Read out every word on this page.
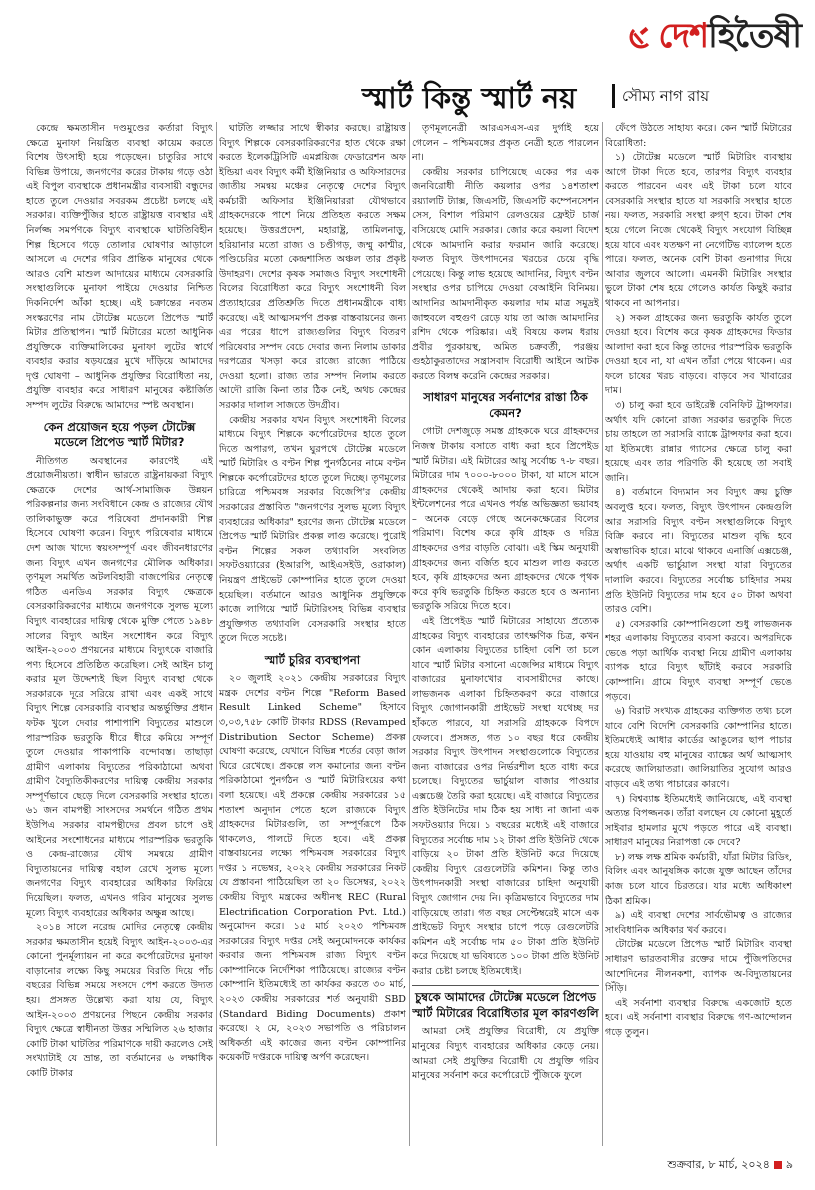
দেশহিতৈষী
স্মার্ট কিন্তু স্মার্ট নয়	সৌম্য নাগ রায়
কেন্দ্রে ক্ষমতাসীন দণ্ডমুণ্ডের কর্তারা বিদ্যুৎ ক্ষেত্রে মুনাফা নিয়ন্ত্রিত ব্যবস্থা কায়েম করতে বিশেষ উৎসাহী হয়ে পড়েছেন। চাতুরির সাথে বিভিন্ন উপায়ে, জনগণের করের টাকায় গড়ে ওঠা এই বিপুল ব্যবস্থাকে প্রধানমন্ত্রীর ব্যবসায়ী বন্ধুদের হাতে তুলে দেওয়ার সবরকম প্রচেষ্টা চলছে এই সরকার। ব্যক্তিপুঁজির হাতে রাষ্ট্রায়ত্ত ব্যবস্থার এই নির্লজ্জ সমর্পণকে বিদ্যুৎ ব্যবস্থাকে ঘাটতিবিহীন শিল্প হিসেবে গড়ে তোলার ঘোষণার আড়ালে আসলে এ দেশের গরিব প্রান্তিক মানুষের থেকে আরও বেশি মাশুল আদায়ের মাধ্যমে বেসরকারি সংস্থাগুলিকে মুনাফা পাইয়ে দেওয়ার নিশ্চিত দিকনির্দেশ আঁকা হচ্ছে। এই চক্রান্তের নবতম সংস্করণের নাম টোটেক্স মডেলে প্রিপেড স্মার্ট মিটার প্রতিস্থাপন। স্মার্ট মিটারের মতো আধুনিক প্রযুক্তিকে ব্যক্তিমালিকের মুনাফা লুটের স্বার্থে ব্যবহার করার ষড়যন্ত্রের মুখে দাঁড়িয়ে আমাদের দৃপ্ত ঘোষণা – আধুনিক প্রযুক্তির বিরোধিতা নয়, প্রযুক্তি ব্যবহার করে সাধারণ মানুষের কষ্টার্জিত সম্পদ লুটের বিরুদ্ধে আমাদের স্পষ্ট অবস্থান।
কেন প্রয়োজন হয়ে পড়ল টোটেক্স মডেলে প্রিপেড স্মার্ট মিটার?
নীতিগত অবস্থানের কারণেই এই প্রয়োজনীয়তা। স্বাধীন ভারতে রাষ্ট্রনায়করা বিদ্যুৎ ক্ষেত্রকে দেশের আর্থ-সামাজিক উন্নয়ন পরিকল্পনার জন্য সংবিধানে কেন্দ্র ও রাজ্যের যৌথ তালিকাভুক্ত করে পরিষেবা প্রদানকারী শিল্প হিসেবে ঘোষণা করেন। বিদ্যুৎ পরিষেবার মাধ্যমে দেশ আজ খাদ্যে স্বয়ংসম্পূর্ণ এবং জীবনধারণের জন্য বিদ্যুৎ এখন জনগণের মৌলিক অধিকার। তৃণমূল সমর্থিত অটলবিহারী বাজপেয়ির নেতৃত্বে গঠিত এনডিএ সরকার বিদ্যুৎ ক্ষেত্রকে বেসরকারিকরণের মাধ্যমে জনগণকে সুলভ মূল্যে বিদ্যুৎ ব্যবহারের দায়িত্ব থেকে মুক্তি পেতে ১৯৪৮ সালের বিদ্যুৎ আইন সংশোধন করে বিদ্যুৎ আইন-২০০৩ প্রণয়নের মাধ্যমে বিদ্যুৎকে বাজারি পণ্য হিসেবে প্রতিষ্ঠিত করেছিল। সেই আইন চালু করার মূল উদ্দেশ্যই ছিল বিদ্যুৎ ব্যবস্থা থেকে সরকারকে দূরে সরিয়ে রাখা এবং একই সাথে বিদ্যুৎ শিল্পে বেসরকারি ব্যবস্থার অন্তর্ভুক্তির প্রধান ফটক খুলে দেবার পাশাপাশি বিদ্যুতের মাশুলে পারস্পরিক ভরতুকি ধীরে ধীরে কমিয়ে সম্পূর্ণ তুলে দেওয়ার পাকাপাকি বন্দোবস্ত। তাছাড়া গ্রামীণ এলাকায় বিদ্যুতের পরিকাঠামো অথবা গ্রামীণ বৈদ্যুতিকীকরণের দায়িত্ব কেন্দ্রীয় সরকার সম্পূর্ণভাবে ছেড়ে দিলে বেসরকারি সংস্থার হাতে। ৬১ জন বামপন্থী সাংসদের সমর্থনে গঠিত প্রথম ইউপিএ সরকার বামপন্থীদের প্রবল চাপে ওই আইনের সংশোধনের মাধ্যমে পারস্পরিক ভরতুকি ও কেন্দ্র-রাজ্যের যৌথ সমন্বয়ে গ্রামীণ বিদ্যুতায়নের দায়িত্ব বহাল রেখে সুলভ মূল্যে জনগণের বিদ্যুৎ ব্যবহারের অধিকার ফিরিয়ে দিয়েছিল। ফলত, এখনও গরিব মানুষের সুলভ মূল্যে বিদ্যুৎ ব্যবহারের অধিকার অক্ষুন্ন আছে।
২০১৪ সালে নরেন্দ্র মোদির নেতৃত্বে কেন্দ্রীয় সরকার ক্ষমতাসীন হয়েই বিদ্যুৎ আইন-২০০৩-এর কোনো পুনর্মূল্যায়ন না করে কর্পোরেটদের মুনাফা বাড়ানোর লক্ষ্যে কিছু সময়ের বিরতি দিয়ে পাঁচ বছরের বিভিন্ন সময়ে সংসদে পেশ করতে উদ্যত হয়। প্রসঙ্গত উল্লেখ্য করা যায় যে, বিদ্যুৎ আইন-২০০৩ প্রণয়নের পিছনে কেন্দ্রীয় সরকার বিদ্যুৎ ক্ষেত্রে স্বাধীনতা উত্তর সম্মিলিত ২৬ হাজার কোটি টাকা ঘাটতির পরিমাণকে দায়ী করলেও সেই সংখ্যাটাই যে ভ্রান্ত, তা বর্তমানের ৬ লক্ষাধিক কোটি টাকার
ঘাটতি লজ্জার সাথে স্বীকার করছে। রাষ্ট্রায়ত্ত বিদ্যুৎ শিল্পকে বেসরকারিকরণের হাত থেকে রক্ষা করতে ইলেকট্রিসিটি এমপ্লয়িজ ফেডারেশন অফ ইন্ডিয়া এবং বিদ্যুৎ কর্মী ইঞ্জিনিয়ার ও অফিসারদের জাতীয় সমন্বয় মঞ্চের নেতৃত্বে দেশের বিদ্যুৎ কর্মচারী অফিসার ইঞ্জিনিয়াররা যৌথভাবে গ্রাহকদেরকে পাশে নিয়ে প্রতিহত করতে সক্ষম হয়েছে। উত্তরপ্রদেশ, মহারাষ্ট্র, তামিলনাড়ু, হরিয়ানার মতো রাজ্য ও চণ্ডীগড়, জম্মু কাশ্মীর, পণ্ডিচেরির মতো কেন্দ্রশাসিত অঞ্চল তার প্রকৃষ্ট উদাহরণ। দেশের কৃষক সমাজও বিদ্যুৎ সংশোধনী বিলের বিরোধিতা করে বিদ্যুৎ সংশোধনী বিল প্রত্যাহারের প্রতিশ্রুতি দিতে প্রধানমন্ত্রীকে বাধ্য করেছে। এই আত্মসমর্পণ প্রকল্প বাস্তবায়নের জন্য এর পরের ধাপে রাজ্যগুলির বিদ্যুৎ বিতরণ পরিষেবার সম্পদ বেচে দেবার জন্য নিলাম ডাকার দরপত্রের খসড়া করে রাজ্যে রাজ্যে পাঠিয়ে দেওয়া হলো। রাজ্য তার সম্পদ নিলাম করতে আদৌ রাজি কিনা তার ঠিক নেই, অথচ কেন্দ্রের সরকার দালাল সাজতে উদগ্রীব।
কেন্দ্রীয় সরকার যখন বিদ্যুৎ সংশোধনী বিলের মাধ্যমে বিদ্যুৎ শিল্পকে কর্পোরেটদের হাতে তুলে দিতে অপারগ, তখন ঘুরপথে টোটেক্স মডেলে স্মার্ট মিটারিং ও বণ্টন শিল্প পুনর্গঠনের নামে বণ্টন শিল্পকে কর্পোরেটদের হাতে তুলে দিচ্ছে। তৃণমূলের চারিত্রে পশ্চিমবঙ্গ সরকার বিজেপি'র কেন্দ্রীয় সরকারের প্রস্তাবিত "জনগণের সুলভ মূল্যে বিদ্যুৎ ব্যবহারের অধিকার" হরণের জন্য টোটেক্স মডেলে প্রিপেড স্মার্ট মিটারিং প্রকল্প লাগু করেছে। পুরোই বণ্টন শিল্পের সকল তথ্যাবলি সংবলিত সফটওয়্যারের (ইআরপি, আইএসইউ, ওরাকাল) নিয়ন্ত্রণ প্রাইভেট কোম্পানির হাতে তুলে দেওয়া হয়েছিল। বর্তমানে আরও আধুনিক প্রযুক্তিকে কাজে লাগিয়ে স্মার্ট মিটারিংসহ বিভিন্ন ব্যবস্থার প্রযুক্তিগত তথ্যাবলি বেসরকারি সংস্থার হাতে তুলে দিতে সচেষ্ট।
স্মার্ট চুরির ব্যবস্থাপনা
২০ জুলাই ২০২১ কেন্দ্রীয় সরকারের বিদ্যুৎ মন্ত্রক দেশের বণ্টন শিল্পে "Reform Based Result Linked Scheme" হিসাবে ৩,০৩,৭৫৮ কোটি টাকার RDSS (Revamped Distribution Sector Scheme) প্রকল্প ঘোষণা করেছে, যেখানে বিভিন্ন শর্তের বেড়া জাল ঘিরে রেখেছে। প্রকল্পে লস কমানোর জন্য বণ্টন পরিকাঠামো পুনর্গঠন ও স্মার্ট মিটারিংয়ের কথা বলা হয়েছে। এই প্রকল্পে কেন্দ্রীয় সরকারের ১৫ শতাংশ অনুদান পেতে হলে রাজ্যকে বিদ্যুৎ গ্রাহকদের মিটারগুলি, তা সম্পূর্ণরূপে ঠিক থাকলেও, পালটে দিতে হবে। এই প্রকল্প বাস্তবায়নের লক্ষ্যে পশ্চিমবঙ্গ সরকারের বিদ্যুৎ দপ্তর ১ নভেম্বর, ২০২২ কেন্দ্রীয় সরকারের নিকট যে প্রস্তাবনা পাঠিয়েছিল তা ২০ ডিসেম্বর, ২০২২ কেন্দ্রীয় বিদ্যুৎ মন্ত্রকের অধীনস্থ REC (Rural Electrification Corporation Pvt. Ltd.) অনুমোদন করে। ১৫ মার্চ ২০২৩ পশ্চিমবঙ্গ সরকারের বিদ্যুৎ দপ্তর সেই অনুমোদনকে কার্যকর করবার জন্য পশ্চিমবঙ্গ রাজ্য বিদ্যুৎ বণ্টন কোম্পানিকে নির্দেশিকা পাঠিয়েছে। রাজ্যের বণ্টন কোম্পানি ইতিমধ্যেই তা কার্যকর করতে ৩০ মার্চ, ২০২৩ কেন্দ্রীয় সরকারের শর্ত অনুযায়ী SBD (Standard Biding Documents) প্রকাশ করেছে। ২ মে, ২০২৩ সভাপতি ও পরিচালন অধিকর্তা এই কাজের জন্য বণ্টন কোম্পানির কয়েকটি দপ্তরকে দায়িত্ব অর্পণ করেছেন।
তৃণমূলনেত্রী আরএসএস-এর দুর্গাই হয়ে গেলেন – পশ্চিমবঙ্গের প্রকৃত নেত্রী হতে পারলেন না।
কেন্দ্রীয় সরকার চাপিয়েছে একের পর এক জনবিরোধী নীতি কয়লার ওপর ১৪শতাংশ রয়্যালটি ট্যাক্স, জিএসটি, জিএসটি কম্পেনসেশন সেস, বিশাল পরিমাণ রেলওয়ের ফ্রেইট চার্জ বসিয়েছে মোদি সরকার। জোর করে কয়লা বিদেশ থেকে আমদানি করার ফরমান জারি করেছে। ফলত বিদ্যুৎ উৎপাদনের খরচের চেয়ে বৃদ্ধি পেয়েছে। কিন্তু লাভ হয়েছে আদানির, বিদ্যুৎ বণ্টন সংস্থার ওপর চাপিয়ে দেওয়া বেআইনি বিনিময়। আদানির আমদানীকৃত কয়লার দাম মাত্র সমুদ্রই জাহুবলে বহুগুণ রেড়ে যায় তা আজ আমদানির রশিদ থেকে পরিষ্কার। এই বিষয়ে কলম ধরায় প্রবীর পুরকায়স্থ, অমিত চক্রবর্তী, পরঞ্জয় গুহঠাকুরতাদের সন্ত্রাসবাদ বিরোধী আইনে আটক করতে বিলম্ব করেনি কেন্দ্রের সরকার।
সাধারণ মানুষের সর্বনাশের রাস্তা ঠিক কেমন?
গোটা দেশজুড়ে সমস্ত গ্রাহককে ঘরে গ্রাহকদের নিজস্ব টাকায় বসাতে বাধ্য করা হবে প্রিপেইড স্মার্ট মিটার। এই মিটারের আয়ু সর্বোচ্চ ৭-৮ বছর। মিটারের দাম ৭০০০-৮০০০ টাকা, যা মাসে মাসে গ্রাহকদের থেকেই আদায় করা হবে। মিটার ইন্টলেশনের পরে এখনও পর্যন্ত অভিজ্ঞতা ভয়াবহ – অনেক বেড়ে গেছে অনেকক্ষেত্রের বিলের পরিমাণ। বিশেষ করে কৃষি গ্রাহক ও দরিদ্র গ্রাহকদের ওপর বাড়তি বোঝা। এই স্কিম অনুযায়ী গ্রাহকদের জন্য বর্জিত হবে মাশুল লাগু করতে হবে, কৃষি গ্রাহকদের অন্য গ্রাহকদের থেকে পৃথক করে কৃষি ভরতুকি চিহ্নিত করতে হবে ও অন্যান্য ভরতুকি সরিয়ে দিতে হবে।
এই প্রিপেইড স্মার্ট মিটারের সাহায্যে প্রত্যেক গ্রাহকের বিদ্যুৎ ব্যবহারের তাৎক্ষণিক চিত্র, কখন কোন এলাকায় বিদ্যুতের চাহিদা বেশি তা চলে যাবে স্মার্ট মিটার বসানো এজেন্সির মাধ্যমে বিদ্যুৎ বাজারের মুনাফাখোর ব্যবসায়ীদের কাছে। লাভজনক এলাকা চিহ্নিতকরণ করে বাজারে বিদ্যুৎ জোগানকারী প্রাইভেট সংস্থা যথেচ্ছ দর হাঁকতে পারবে, যা সরাসরি গ্রাহককে বিপদে ফেলবে। প্রসঙ্গত, গত ১০ বছর ধরে কেন্দ্রীয় সরকার বিদ্যুৎ উৎপাদন সংস্থাগুলোকে বিদ্যুতের জন্য বাজারের ওপর নির্ভরশীল হতে বাধ্য করে চলেছে। বিদ্যুতের ভার্চুয়াল বাজার পাওয়ার এক্সচেঞ্জ তৈরি করা হয়েছে। এই বাজারে বিদ্যুতের প্রতি ইউনিটের দাম ঠিক হয় সাধ্য না জানা এক সফটওয়্যার দিয়ে। ১ বছরের মধ্যেই এই বাজারে বিদ্যুতের সর্বোচ্চ দাম ১২ টাকা প্রতি ইউনিট থেকে বাড়িয়ে ২০ টাকা প্রতি ইউনিট করে দিয়েছে কেন্দ্রীয় বিদ্যুৎ রেগুলেটরি কমিশন। কিন্তু তাও উৎপাদনকারী সংস্থা বাজারের চাহিদা অনুযায়ী বিদ্যুৎ জোগান দেয় নি। কৃত্রিমভাবে বিদ্যুতের দাম বাড়িয়েছে তারা। গত বছর সেপ্টেম্বরেই মাসে এক প্রাইভেট বিদ্যুৎ সংস্থার চাপে পড়ে রেগুলেটরি কমিশন এই সর্বোচ্চ দাম ৫০ টাকা প্রতি ইউনিট করে দিয়েছে যা ভবিষ্যতে ১০০ টাকা প্রতি ইউনিট করার চেষ্টা চলছে ইতিমধ্যেই।
চুম্বকে আমাদের টোটেক্স মডেলে প্রিপেড স্মার্ট মিটারের বিরোধিতার মূল কারণগুলি
আমরা সেই প্রযুক্তির বিরোধী, যে প্রযুক্তি মানুষের বিদ্যুৎ ব্যবহারের অধিকার কেড়ে নেয়। আমরা সেই প্রযুক্তির বিরোধী যে প্রযুক্তি গরিব মানুষের সর্বনাশ করে কর্পোরেটে পুঁজিকে ফুলে
ফেঁপে উঠতে সাহায্য করে। কেন স্মার্ট মিটারের বিরোধিতা:
১) টোটেক্স মডেলে স্মার্ট মিটারিং ব্যবস্থায় আগে টাকা দিতে হবে, তারপর বিদ্যুৎ ব্যবহার করতে পারবেন এবং এই টাকা চলে যাবে বেসরকারি সংস্থার হাতে যা সরকারি সংস্থার হাতে নয়। ফলত, সরকারি সংস্থা রুগ্ণ হবে। টাকা শেষ হয়ে গেলে নিজে থেকেই বিদ্যুৎ সংযোগ বিচ্ছিন্ন হয়ে যাবে এবং যতক্ষণ না নেগেটিভ ব্যালেন্স হতে পারে। ফলত, অনেক বেশি টাকা গুনাগার দিয়ে আবার জুলবে আলো। এমনকী মিটারিং সংস্থার ভুলে টাকা শেষ হয়ে গেলেও কার্যত কিছুই করার থাকবে না আপনার।
২) সকল গ্রাহকের জন্য ভরতুকি কার্যত তুলে দেওয়া হবে। বিশেষ করে কৃষক গ্রাহকদের ফিডার আলাদা করা হবে কিন্তু তাদের পারস্পরিক ভরতুকি দেওয়া হবে না, যা এখন তাঁরা পেয়ে থাকেন। এর ফলে চাষের খরচ বাড়বে। বাড়বে সব খাবারের দাম।
৩) চালু করা হবে ডাইরেক্ট বেনিফিট ট্রান্সফার। অর্থাৎ যদি কোনো রাজ্য সরকার ভরতুকি দিতে চায় তাহলে তা সরাসরি ব্যাঙ্কে ট্রান্সফার করা হবে। যা ইতিমধ্যে রান্নার গ্যাসের ক্ষেত্রে চালু করা হয়েছে এবং তার পরিণতি কী হয়েছে তা সবাই জানি।
৪) বর্তমানে বিদ্যমান সব বিদ্যুৎ ক্রয় চুক্তি অবলুপ্ত হবে। ফলত, বিদ্যুৎ উৎপাদন কেন্দ্রগুলি আর সরাসরি বিদ্যুৎ বণ্টন সংস্থাগুলিকে বিদ্যুৎ বিক্রি করবে না। বিদ্যুতের মাশুল বৃদ্ধি হবে অস্বাভাবিক হারে। মাঝে থাকবে এনার্জি এক্সচেঞ্জ, অর্থাৎ একটি ভার্চুয়াল সংস্থা যারা বিদ্যুতের দালালি করবে। বিদ্যুতের সর্বোচ্চ চাহিদার সময় প্রতি ইউনিট বিদ্যুতের দাম হবে ৫০ টাকা অথবা তারও বেশি।
৫) বেসরকারি কোম্পানিগুলো শুধু লাভজনক শহর এলাকায় বিদ্যুতের ব্যবসা করবে। অপরদিকে ভেঙে পড়া আর্থিক ব্যবস্থা নিয়ে গ্রামীণ এলাকায় ব্যাপক হারে বিদ্যুৎ ছাঁটাই করবে সরকারি কোম্পানি। গ্রামে বিদ্যুৎ ব্যবস্থা সম্পূর্ণ ভেঙে পড়বে।
৬) বিরাট সংখ্যক গ্রাহকের ব্যক্তিগত তথ্য চলে যাবে বেশি বিদেশি বেসরকারি কোম্পানির হাতে। ইতিমধ্যেই আধার কার্ডের আঙুলের ছাপ পাচার হয়ে যাওয়ায় বহু মানুষের ব্যাঙ্কের অর্থ আত্মসাৎ করেছে জালিয়াতরা। জালিয়াতির সুযোগ আরও বাড়বে এই তথ্য পাচারের কারণে।
৭) বিশ্বব্যাঙ্ক ইতিমধ্যেই জানিয়েছে, এই ব্যবস্থা অত্যন্ত বিপজ্জনক। তাঁরা বলছেন যে কোনো মুহূর্তে সাইবার হামলার মুখে পড়তে পারে এই ব্যবস্থা। সাধারণ মানুষের নিরাপত্তা কে দেবে?
৮) লক্ষ লক্ষ শ্রমিক কর্মচারী, যাঁরা মিটার রিডিং, বিলিং এবং আনুষঙ্গিক কাজে যুক্ত আছেন তাঁদের কাজ চলে যাবে চিরতরে। যার মধ্যে অধিকাংশ ঠিকা শ্রমিক।
৯) এই ব্যবস্থা দেশের সার্বভৌমত্ব ও রাজ্যের সাংবিধানিক অধিকার খর্ব করবে।
টোটেক্স মডেলে প্রিপেড স্মার্ট মিটারিং ব্যবস্থা সাধারণ ভারতবাসীর রক্তের দামে পুঁজিপতিদের আশেদিনের নীলনকশা, ব্যাপক অ-বিদ্যুতায়নের সিঁড়ি।
এই সর্বনাশা ব্যবস্থার বিরুদ্ধে একজোট হতে হবে। এই সর্বনাশা ব্যবস্থার বিরুদ্ধে গণ-আন্দোলন গড়ে তুলুন।
শুক্রবার, ৮ মার্চ, ২০২৪ ৯
